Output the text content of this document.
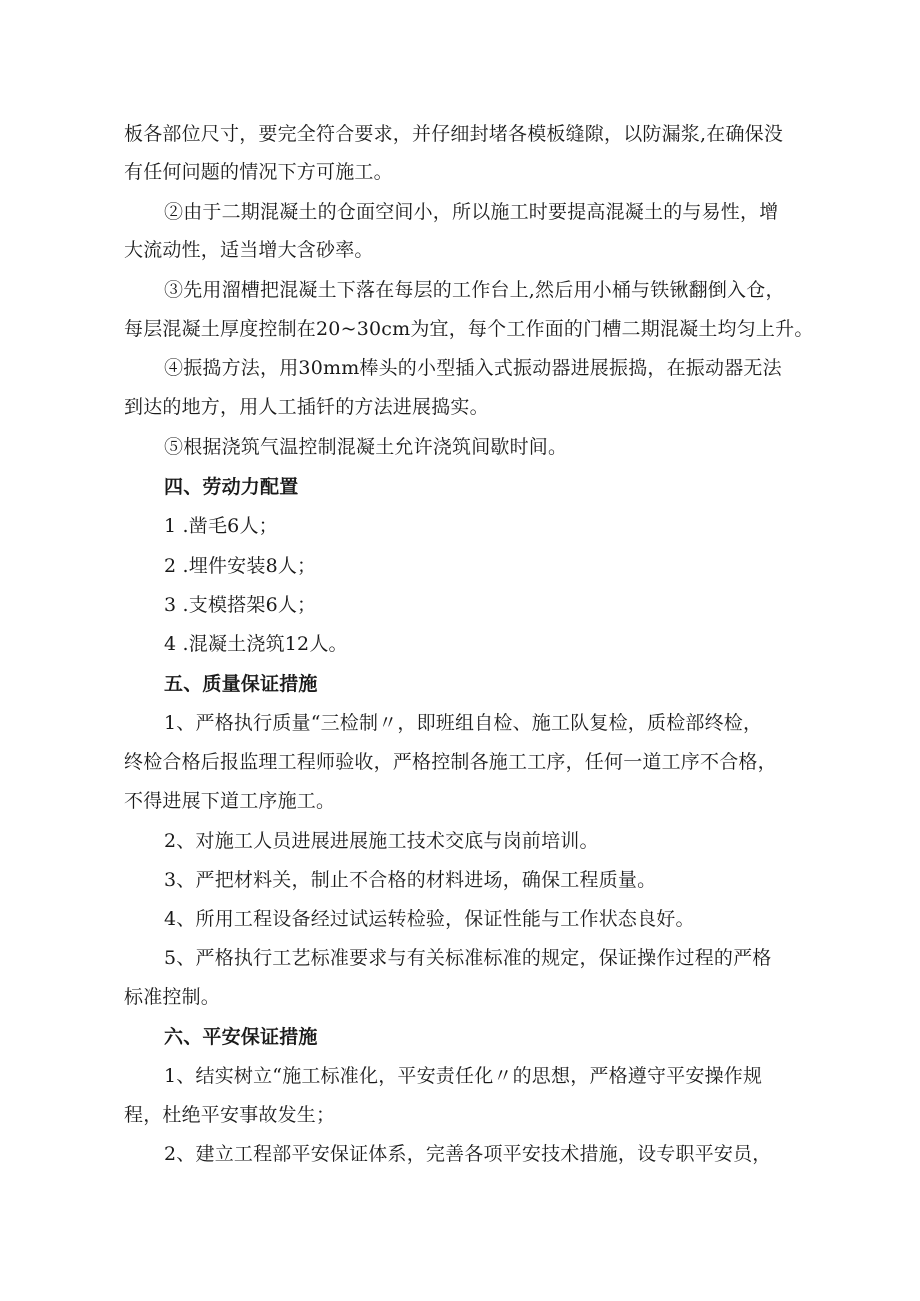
板各部位尺寸，要完全符合要求，并仔细封堵各模板缝隙，以防漏浆,在确保没
有任何问题的情况下方可施工。
②由于二期混凝土的仓面空间小，所以施工时要提高混凝土的与易性，增
大流动性，适当增大含砂率。
③先用溜槽把混凝土下落在每层的工作台上,然后用小桶与铁锹翻倒入仓，
每层混凝土厚度控制在20~30cm为宜，每个工作面的门槽二期混凝土均匀上升。
④振捣方法，用30mm棒头的小型插入式振动器进展振捣，在振动器无法
到达的地方，用人工插钎的方法进展捣实。
⑤根据浇筑气温控制混凝土允许浇筑间歇时间。
四、劳动力配置
1 .凿毛6人；
2 .埋件安装8人；
3 .支模搭架6人；
4 .混凝土浇筑12人。
五、质量保证措施
1、严格执行质量“三检制〃，即班组自检、施工队复检，质检部终检，
终检合格后报监理工程师验收，严格控制各施工工序，任何一道工序不合格，
不得进展下道工序施工。
2、对施工人员进展进展施工技术交底与岗前培训。
3、严把材料关，制止不合格的材料进场，确保工程质量。
4、所用工程设备经过试运转检验，保证性能与工作状态良好。
5、严格执行工艺标准要求与有关标准标准的规定，保证操作过程的严格
标准控制。
六、平安保证措施
1、结实树立“施工标准化，平安责任化〃的思想，严格遵守平安操作规
程，杜绝平安事故发生；
2、建立工程部平安保证体系，完善各项平安技术措施，设专职平安员，
